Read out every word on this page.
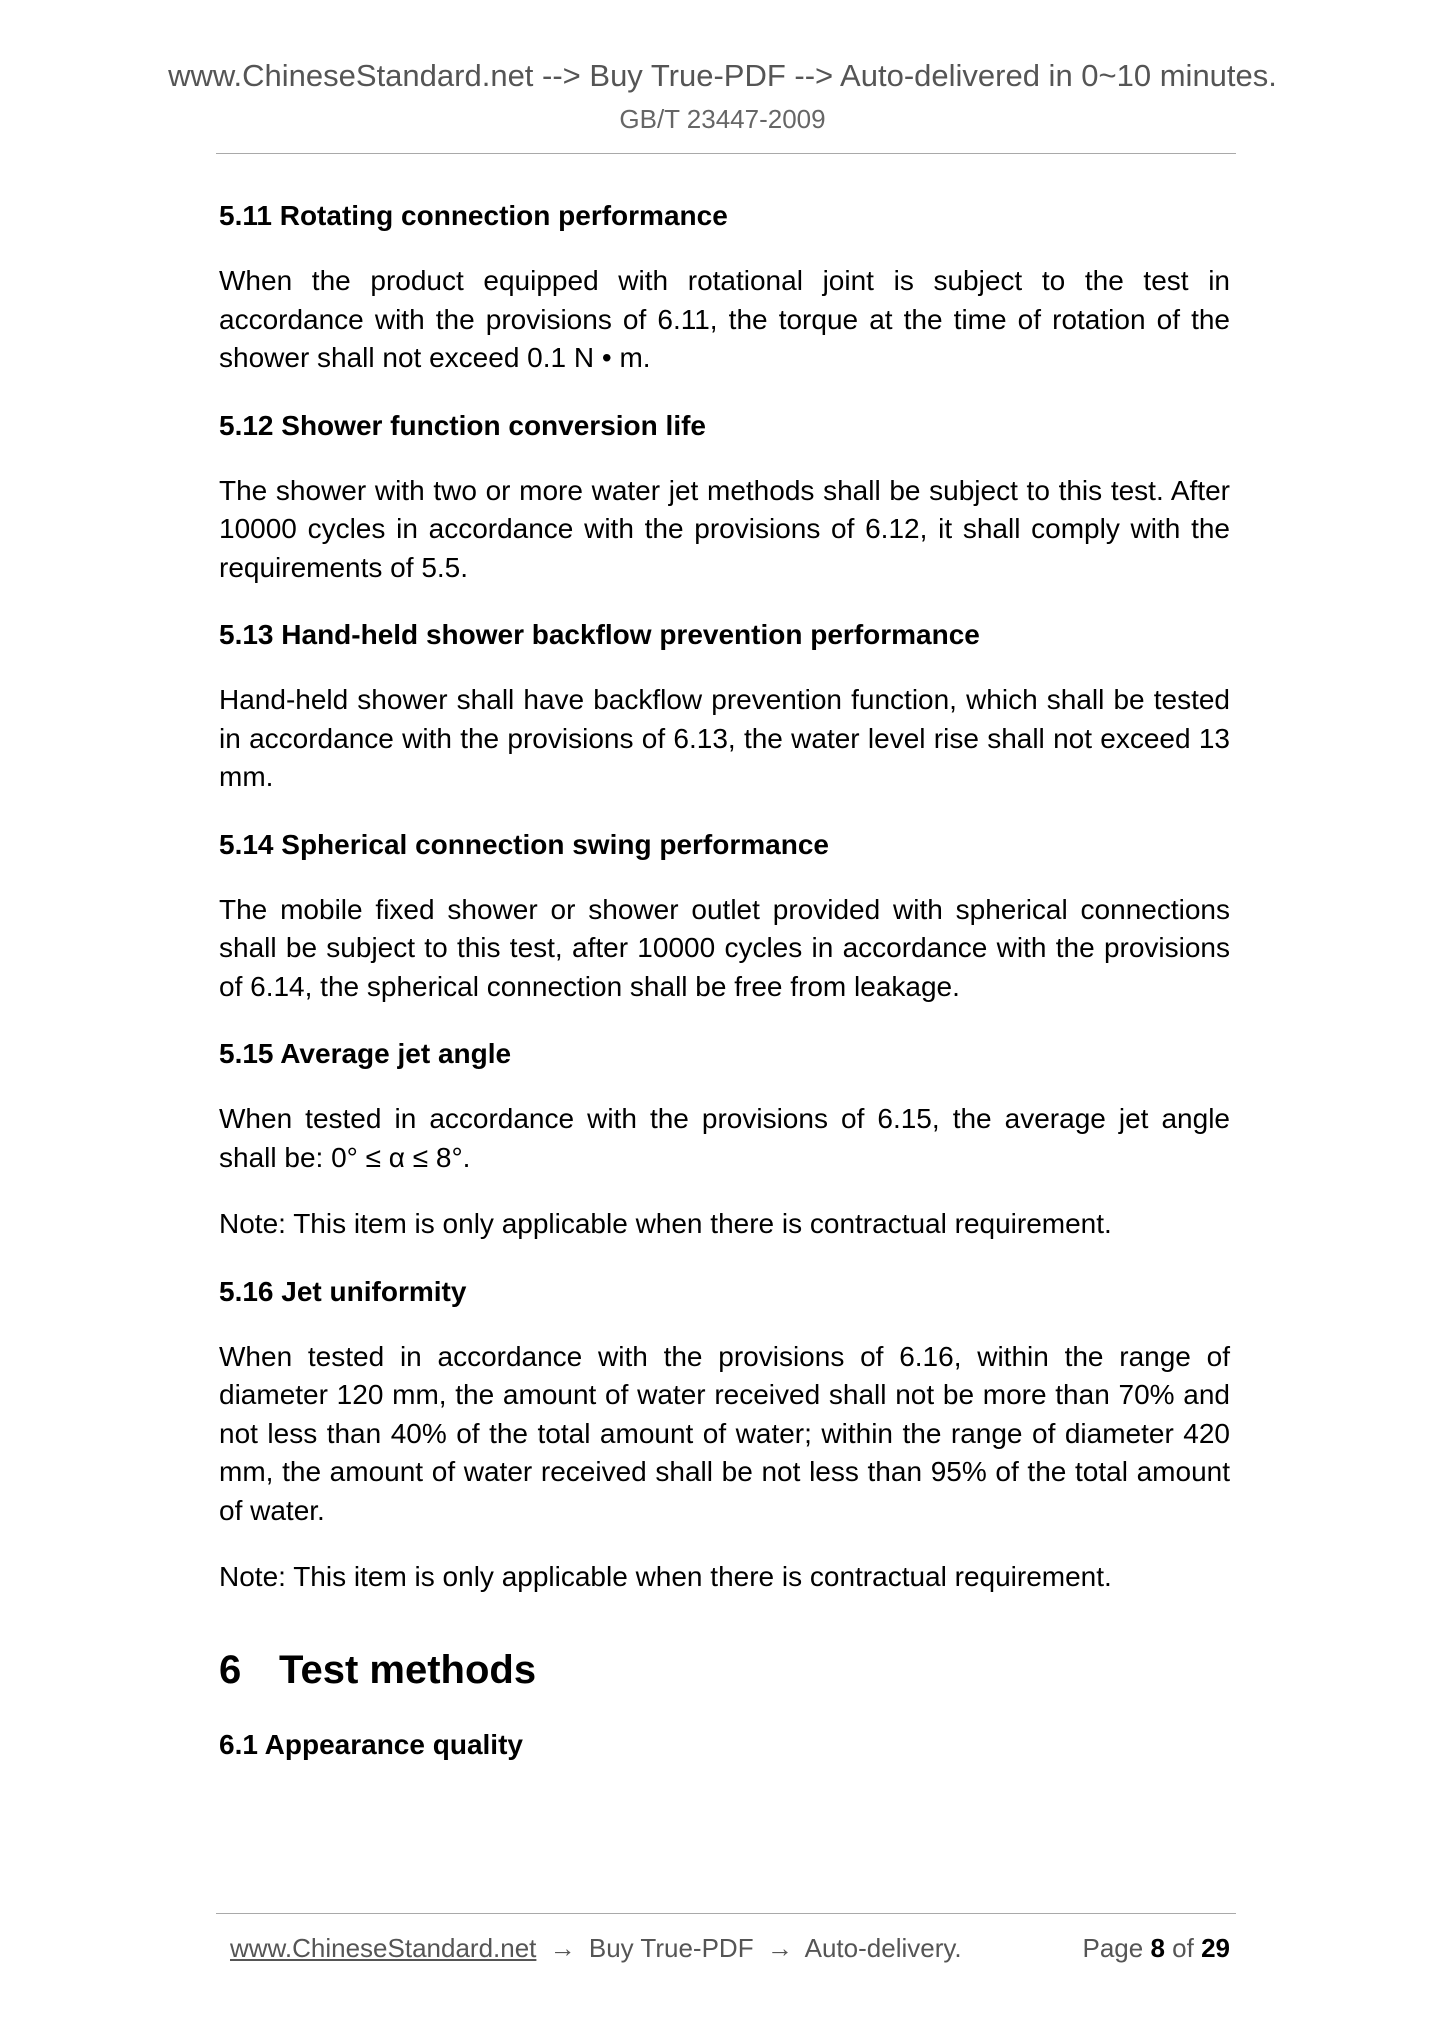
www.ChineseStandard.net --> Buy True-PDF --> Auto-delivered in 0~10 minutes.
GB/T 23447-2009
5.11 Rotating connection performance
When the product equipped with rotational joint is subject to the test in accordance with the provisions of 6.11, the torque at the time of rotation of the shower shall not exceed 0.1 N • m.
5.12 Shower function conversion life
The shower with two or more water jet methods shall be subject to this test. After 10000 cycles in accordance with the provisions of 6.12, it shall comply with the requirements of 5.5.
5.13 Hand-held shower backflow prevention performance
Hand-held shower shall have backflow prevention function, which shall be tested in accordance with the provisions of 6.13, the water level rise shall not exceed 13 mm.
5.14 Spherical connection swing performance
The mobile fixed shower or shower outlet provided with spherical connections shall be subject to this test, after 10000 cycles in accordance with the provisions of 6.14, the spherical connection shall be free from leakage.
5.15 Average jet angle
When tested in accordance with the provisions of 6.15, the average jet angle shall be: 0° ≤ α ≤ 8°.
Note: This item is only applicable when there is contractual requirement.
5.16 Jet uniformity
When tested in accordance with the provisions of 6.16, within the range of diameter 120 mm, the amount of water received shall not be more than 70% and not less than 40% of the total amount of water; within the range of diameter 420 mm, the amount of water received shall be not less than 95% of the total amount of water.
Note: This item is only applicable when there is contractual requirement.
6 Test methods
6.1 Appearance quality
www.ChineseStandard.net → Buy True-PDF → Auto-delivery.	Page 8 of 29
